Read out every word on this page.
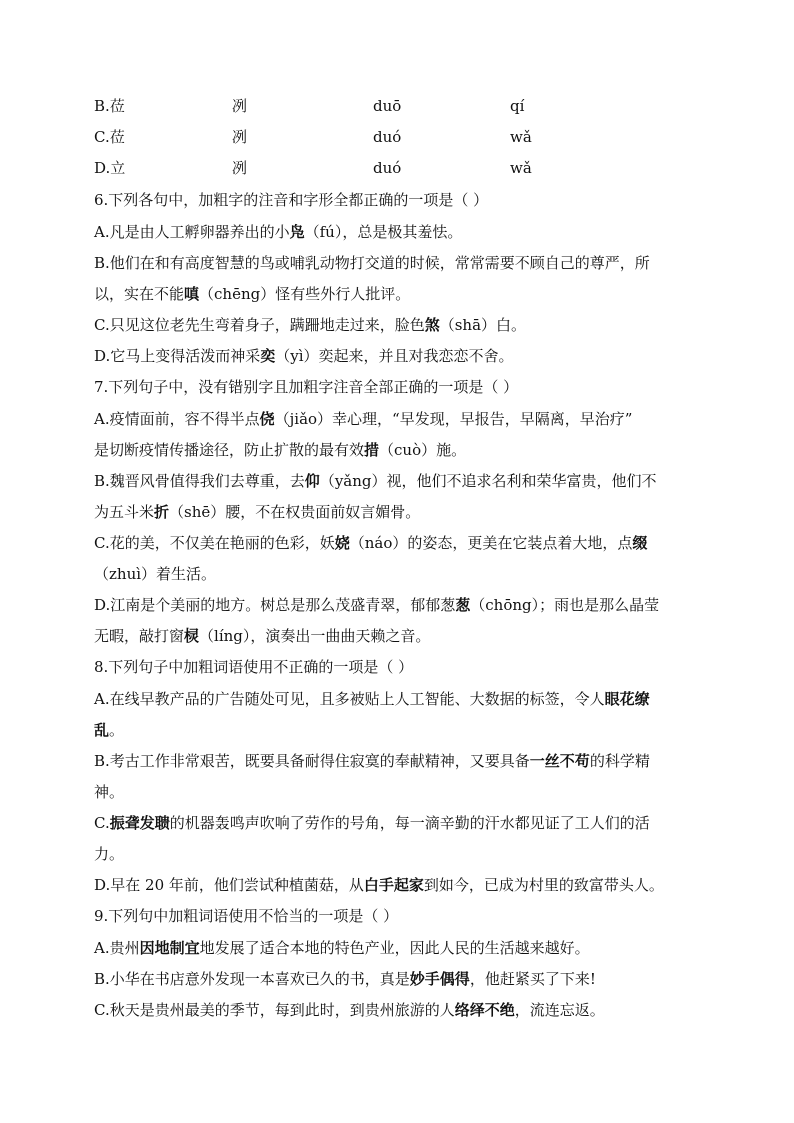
B.莅	冽	duō	qí
C.莅	冽	duó	wǎ
D.立	冽	duó	wǎ
6.下列各句中，加粗字的注音和字形全都正确的一项是（ ）
A.凡是由人工孵卵器养出的小凫（fú），总是极其羞怯。
B.他们在和有高度智慧的鸟或哺乳动物打交道的时候，常常需要不顾自己的尊严，所
以，实在不能嗔（chēng）怪有些外行人批评。
C.只见这位老先生弯着身子，蹒跚地走过来，脸色煞（shā）白。
D.它马上变得活泼而神采奕（yì）奕起来，并且对我恋恋不舍。
7.下列句子中，没有错别字且加粗字注音全部正确的一项是（ ）
A.疫情面前，容不得半点侥（jiǎo）幸心理，“早发现，早报告，早隔离，早治疗”
是切断疫情传播途径，防止扩散的最有效措（cuò）施。
B.魏晋风骨值得我们去尊重，去仰（yǎng）视，他们不追求名利和荣华富贵，他们不
为五斗米折（shē）腰，不在权贵面前奴言媚骨。
C.花的美，不仅美在艳丽的色彩，妖娆（náo）的姿态，更美在它装点着大地，点缀
（zhuì）着生活。
D.江南是个美丽的地方。树总是那么茂盛青翠，郁郁葱葱（chōng）；雨也是那么晶莹
无暇，敲打窗棂（líng），演奏出一曲曲天赖之音。
8.下列句子中加粗词语使用不正确的一项是（ ）
A.在线早教产品的广告随处可见，且多被贴上人工智能、大数据的标签，令人眼花缭
乱。
B.考古工作非常艰苦，既要具备耐得住寂寞的奉献精神，又要具备一丝不苟的科学精
神。
C.振聋发聩的机器轰鸣声吹响了劳作的号角，每一滴辛勤的汗水都见证了工人们的活
力。
D.早在 20 年前，他们尝试种植菌菇，从白手起家到如今，已成为村里的致富带头人。
9.下列句中加粗词语使用不恰当的一项是（ ）
A.贵州因地制宜地发展了适合本地的特色产业，因此人民的生活越来越好。
B.小华在书店意外发现一本喜欢已久的书，真是妙手偶得，他赶紧买了下来!
C.秋天是贵州最美的季节，每到此时，到贵州旅游的人络绎不绝，流连忘返。
